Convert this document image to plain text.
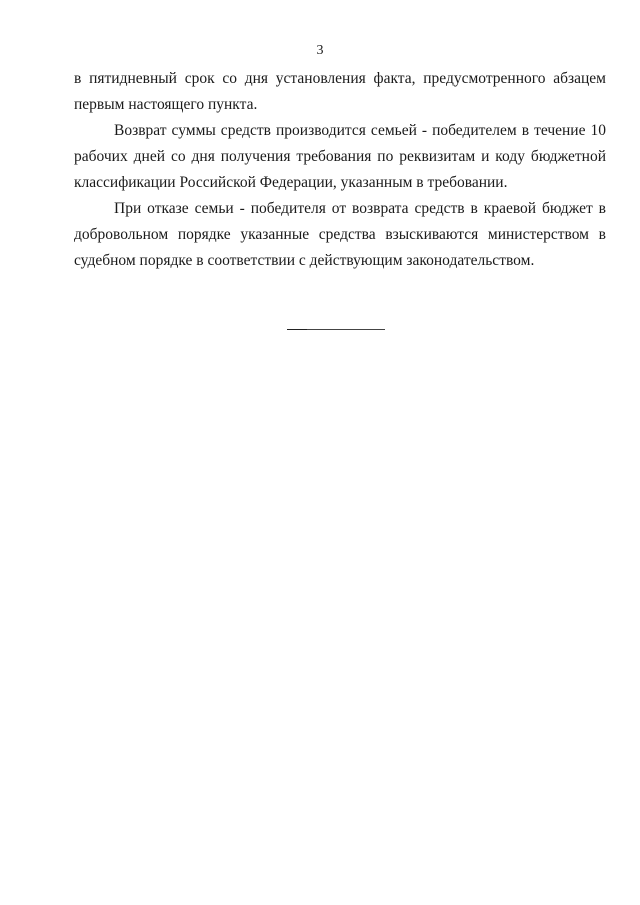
3

в пятидневный срок со дня установления факта, предусмотренного абзацем первым настоящего пункта.

Возврат суммы средств производится семьей - победителем в течение 10 рабочих дней со дня получения требования по реквизитам и коду бюджетной классификации Российской Федерации, указанным в требовании.

При отказе семьи - победителя от возврата средств в краевой бюджет в добровольном порядке указанные средства взыскиваются министерством в судебном порядке в соответствии с действующим законодательством.
